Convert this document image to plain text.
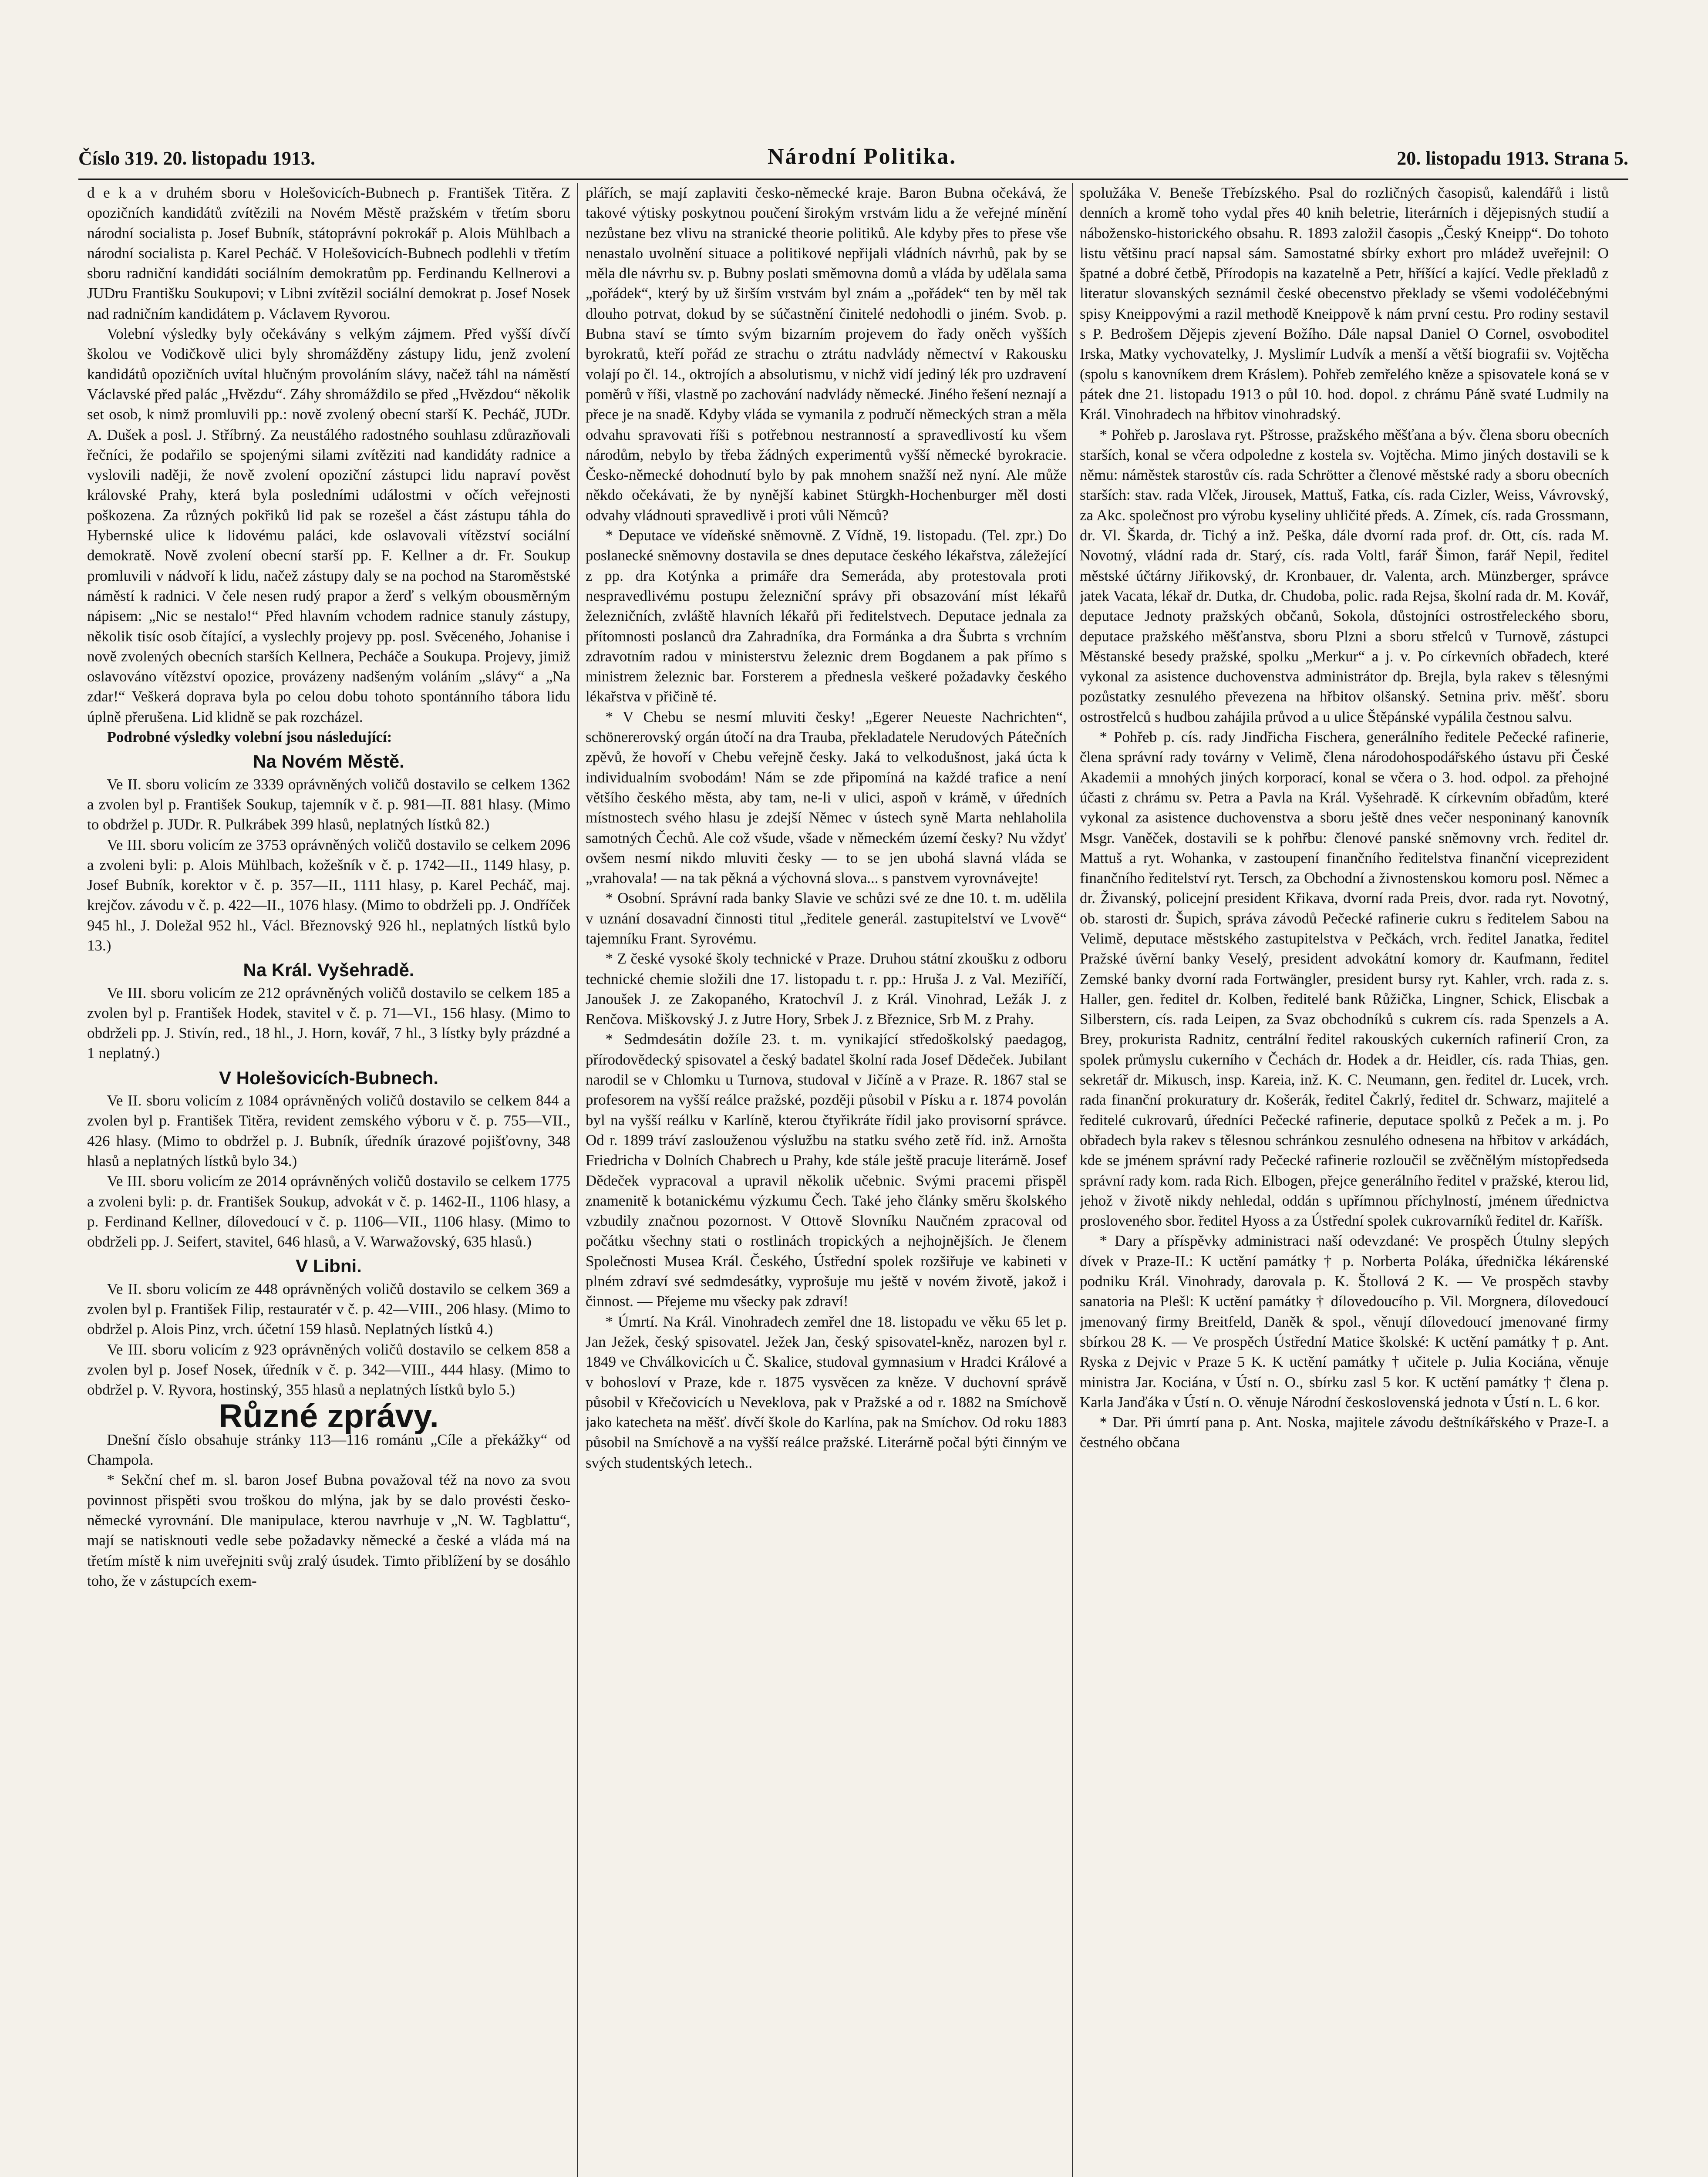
Číslo 319. 20. listopadu 1913.	Národní Politika.	20. listopadu 1913. Strana 5.

d e k a v druhém sboru v Holešovicích-Bubnech p. František Titěra. Z opozičních kandidátů zvítězili na Novém Městě pražském v třetím sboru národní socialista p. Josef Bubník, státoprávní pokrokář p. Alois Mühlbach a národní socialista p. Karel Pecháč. V Holešovicích-Bubnech podlehli v třetím sboru radniční kandidáti sociálním demokratům pp. Ferdinandu Kellnerovi a JUDru Františku Soukupovi; v Libni zvítězil sociální demokrat p. Josef Nosek nad radničním kandidátem p. Václavem Ryvorou.

Volební výsledky byly očekávány s velkým zájmem. Před vyšší dívčí školou ve Vodičkově ulici byly shromážděny zástupy lidu, jenž zvolení kandidátů opozičních uvítal hlučným provoláním slávy, načež táhl na náměstí Václavské před palác „Hvězdu“. Záhy shromáždilo se před „Hvězdou“ několik set osob, k nimž promluvili pp.: nově zvolený obecní starší K. Pecháč, JUDr. A. Dušek a posl. J. Stříbrný. Za neustálého radostného souhlasu zdůrazňovali řečníci, že podařilo se spojenými silami zvítěziti nad kandidáty radnice a vyslovili naději, že nově zvolení opoziční zástupci lidu napraví pověst královské Prahy, která byla posledními událostmi v očích veřejnosti poškozena. Za různých pokřiků lid pak se rozešel a část zástupu táhla do Hybernské ulice k lidovému paláci, kde oslavovali vítězství sociální demokratě. Nově zvolení obecní starší pp. F. Kellner a dr. Fr. Soukup promluvili v nádvoří k lidu, načež zástupy daly se na pochod na Staroměstské náměstí k radnici. V čele nesen rudý prapor a žerď s velkým obousměrným nápisem: „Nic se nestalo!“ Před hlavním vchodem radnice stanuly zástupy, několik tisíc osob čítající, a vyslechly projevy pp. posl. Svěceného, Johanise i nově zvolených obecních starších Kellnera, Pecháče a Soukupa. Projevy, jimiž oslavováno vítězství opozice, provázeny nadšeným voláním „slávy“ a „Na zdar!“ Veškerá doprava byla po celou dobu tohoto spontánního tábora lidu úplně přerušena. Lid klidně se pak rozcházel.

Podrobné výsledky volební jsou následující:

Na Novém Městě.

Ve II. sboru volicím ze 3339 oprávněných voličů dostavilo se celkem 1362 a zvolen byl p. František Soukup, tajemník v č. p. 981—II. 881 hlasy. (Mimo to obdržel p. JUDr. R. Pulkrábek 399 hlasů, neplatných lístků 82.)

Ve III. sboru volicím ze 3753 oprávněných voličů dostavilo se celkem 2096 a zvoleni byli: p. Alois Mühlbach, kožešník v č. p. 1742—II., 1149 hlasy, p. Josef Bubník, korektor v č. p. 357—II., 1111 hlasy, p. Karel Pecháč, maj. krejčov. závodu v č. p. 422—II., 1076 hlasy. (Mimo to obdrželi pp. J. Ondříček 945 hl., J. Doležal 952 hl., Václ. Březnovský 926 hl., neplatných lístků bylo 13.)

Na Král. Vyšehradě.

Ve III. sboru volicím ze 212 oprávněných voličů dostavilo se celkem 185 a zvolen byl p. František Hodek, stavitel v č. p. 71—VI., 156 hlasy. (Mimo to obdrželi pp. J. Stivín, red., 18 hl., J. Horn, kovář, 7 hl., 3 lístky byly prázdné a 1 neplatný.)

V Holešovicích-Bubnech.

Ve II. sboru volicím z 1084 oprávněných voličů dostavilo se celkem 844 a zvolen byl p. František Titěra, revident zemského výboru v č. p. 755—VII., 426 hlasy. (Mimo to obdržel p. J. Bubník, úředník úrazové pojišťovny, 348 hlasů a neplatných lístků bylo 34.)

Ve III. sboru volicím ze 2014 oprávněných voličů dostavilo se celkem 1775 a zvoleni byli: p. dr. František Soukup, advokát v č. p. 1462-II., 1106 hlasy, a p. Ferdinand Kellner, dílovedoucí v č. p. 1106—VII., 1106 hlasy. (Mimo to obdrželi pp. J. Seifert, stavitel, 646 hlasů, a V. Warwažovský, 635 hlasů.)

V Libni.

Ve II. sboru volicím ze 448 oprávněných voličů dostavilo se celkem 369 a zvolen byl p. František Filip, restauratér v č. p. 42—VIII., 206 hlasy. (Mimo to obdržel p. Alois Pinz, vrch. účetní 159 hlasů. Neplatných lístků 4.)

Ve III. sboru volicím z 923 oprávněných voličů dostavilo se celkem 858 a zvolen byl p. Josef Nosek, úředník v č. p. 342—VIII., 444 hlasy. (Mimo to obdržel p. V. Ryvora, hostinský, 355 hlasů a neplatných lístků bylo 5.)

Různé zprávy.

Dnešní číslo obsahuje stránky 113—116 románu „Cíle a překážky“ od Champola.

* Sekční chef m. sl. baron Josef Bubna považoval též na novo za svou povinnost přispěti svou troškou do mlýna, jak by se dalo provésti česko-německé vyrovnání. Dle manipulace, kterou navrhuje v „N. W. Tagblattu“, mají se natisknouti vedle sebe požadavky německé a české a vláda má na třetím místě k nim uveřejniti svůj zralý úsudek. Timto přiblížení by se dosáhlo toho, že v zástupcích exem-

plářích, se mají zaplaviti česko-německé kraje. Baron Bubna očekává, že takové výtisky poskytnou poučení širokým vrstvám lidu a že veřejné mínění nezůstane bez vlivu na stranické theorie politiků. Ale kdyby přes to přese vše nenastalo uvolnění situace a politikové nepřijali vládních návrhů, pak by se měla dle návrhu sv. p. Bubny poslati směmovna domů a vláda by udělala sama „pořádek“, který by už širším vrstvám byl znám a „pořádek“ ten by měl tak dlouho potrvat, dokud by se súčastnění činitelé nedohodli o jiném. Svob. p. Bubna staví se tímto svým bizarním projevem do řady oněch vyšších byrokratů, kteří pořád ze strachu o ztrátu nadvlády němectví v Rakousku volají po čl. 14., oktrojích a absolutismu, v nichž vidí jediný lék pro uzdravení poměrů v říši, vlastně po zachování nadvlády německé. Jiného řešení neznají a přece je na snadě. Kdyby vláda se vymanila z područí německých stran a měla odvahu spravovati říši s potřebnou nestranností a spravedlivostí ku všem národům, nebylo by třeba žádných experimentů vyšší německé byrokracie. Česko-německé dohodnutí bylo by pak mnohem snažší než nyní. Ale může někdo očekávati, že by nynější kabinet Stürgkh-Hochenburger měl dosti odvahy vládnouti spravedlivě i proti vůli Němců?

* Deputace ve vídeňské sněmovně. Z Vídně, 19. listopadu. (Tel. zpr.) Do poslanecké sněmovny dostavila se dnes deputace českého lékařstva, záležející z pp. dra Kotýnka a primáře dra Semeráda, aby protestovala proti nespravedlivému postupu železniční správy při obsazování míst lékařů železničních, zvláště hlavních lékařů při ředitelstvech. Deputace jednala za přítomnosti poslanců dra Zahradníka, dra Formánka a dra Šubrta s vrchním zdravotním radou v ministerstvu železnic drem Bogdanem a pak přímo s ministrem železnic bar. Forsterem a přednesla veškeré požadavky českého lékařstva v přičině té.

* V Chebu se nesmí mluviti česky! „Egerer Neueste Nachrichten“, schönererovský orgán útočí na dra Trauba, překladatele Nerudových Pátečních zpěvů, že hovoří v Chebu veřejně česky. Jaká to velkodušnost, jaká úcta k individualním svobodám! Nám se zde připomíná na každé trafice a není většího českého města, aby tam, ne-li v ulici, aspoň v krámě, v úředních místnostech svého hlasu je zdejší Němec v ústech syně Marta nehlaholila samotných Čechů. Ale což všude, všade v německém území česky? Nu vždyť ovšem nesmí nikdo mluviti česky — to se jen ubohá slavná vláda se „vrahovala! — na tak pěkná a výchovná slova... s panstvem vyrovnávejte!

* Osobní. Správní rada banky Slavie ve schůzi své ze dne 10. t. m. udělila v uznání dosavadní činnosti titul „ředitele generál. zastupitelství ve Lvově“ tajemníku Frant. Syrovému.

* Z české vysoké školy technické v Praze. Druhou státní zkoušku z odboru technické chemie složili dne 17. listopadu t. r. pp.: Hruša J. z Val. Meziříčí, Janoušek J. ze Zakopaného, Kratochvíl J. z Král. Vinohrad, Ležák J. z Renčova. Miškovský J. z Jutre Hory, Srbek J. z Březnice, Srb M. z Prahy.

* Sedmdesátin dožíle 23. t. m. vynikající středoškolský paedagog, přírodovědecký spisovatel a český badatel školní rada Josef Dědeček. Jubilant narodil se v Chlomku u Turnova, studoval v Jičíně a v Praze. R. 1867 stal se profesorem na vyšší reálce pražské, později působil v Písku a r. 1874 povolán byl na vyšší reálku v Karlíně, kterou čtyřikráte řídil jako provisorní správce. Od r. 1899 tráví zaslouženou výslužbu na statku svého zetě říd. inž. Arnošta Friedricha v Dolních Chabrech u Prahy, kde stále ještě pracuje literárně. Josef Dědeček vypracoval a upravil několik učebnic. Svými pracemi přispěl znamenitě k botanickému výzkumu Čech. Také jeho články směru školského vzbudily značnou pozornost. V Ottově Slovníku Naučném zpracoval od počátku všechny stati o rostlinách tropických a nejhojnějších. Je členem Společnosti Musea Král. Českého, Ústřední spolek rozšiřuje ve kabineti v plném zdraví své sedmdesátky, vyprošuje mu ještě v novém životě, jakož i činnost. — Přejeme mu všecky pak zdraví!

* Úmrtí. Na Král. Vinohradech zemřel dne 18. listopadu ve věku 65 let p. Jan Ježek, český spisovatel. Ježek Jan, český spisovatel-kněz, narozen byl r. 1849 ve Chválkovicích u Č. Skalice, studoval gymnasium v Hradci Králové a v bohosloví v Praze, kde r. 1875 vysvěcen za kněze. V duchovní správě působil v Křečovicích u Neveklova, pak v Pražské a od r. 1882 na Smíchově jako katecheta na měšť. dívčí škole do Karlína, pak na Smíchov. Od roku 1883 působil na Smíchově a na vyšší reálce pražské. Literárně počal býti činným ve svých studentských letech..

spolužáka V. Beneše Třebízského. Psal do rozličných časopisů, kalendářů i listů denních a kromě toho vydal přes 40 knih beletrie, literárních i dějepisných studií a nábožensko-historického obsahu. R. 1893 založil časopis „Český Kneipp“. Do tohoto listu většinu prací napsal sám. Samostatné sbírky exhort pro mládež uveřejnil: O špatné a dobré četbě, Přírodopis na kazatelně a Petr, hříšící a kající. Vedle překladů z literatur slovanských seznámil české obecenstvo překlady se všemi vodoléčebnými spisy Kneippovými a razil methodě Kneippově k nám první cestu. Pro rodiny sestavil s P. Bedrošem Dějepis zjevení Božího. Dále napsal Daniel O Cornel, osvoboditel Irska, Matky vychovatelky, J. Myslimír Ludvík a menší a větší biografii sv. Vojtěcha (spolu s kanovníkem drem Kráslem). Pohřeb zemřelého kněze a spisovatele koná se v pátek dne 21. listopadu 1913 o půl 10. hod. dopol. z chrámu Páně svaté Ludmily na Král. Vinohradech na hřbitov vinohradský.

* Pohřeb p. Jaroslava ryt. Pštrosse, pražského měšťana a býv. člena sboru obecních starších, konal se včera odpoledne z kostela sv. Vojtěcha. Mimo jiných dostavili se k němu: náměstek starostův cís. rada Schrötter a členové městské rady a sboru obecních starších: stav. rada Vlček, Jirousek, Mattuš, Fatka, cís. rada Cizler, Weiss, Vávrovský, za Akc. společnost pro výrobu kyseliny uhličité předs. A. Zímek, cís. rada Grossmann, dr. Vl. Škarda, dr. Tichý a inž. Peška, dále dvorní rada prof. dr. Ott, cís. rada M. Novotný, vládní rada dr. Starý, cís. rada Voltl, farář Šimon, farář Nepil, ředitel městské účtárny Jiřikovský, dr. Kronbauer, dr. Valenta, arch. Münzberger, správce jatek Vacata, lékař dr. Dutka, dr. Chudoba, polic. rada Rejsa, školní rada dr. M. Kovář, deputace Jednoty pražských občanů, Sokola, důstojníci ostrostřeleckého sboru, deputace pražského měšťanstva, sboru Plzni a sboru střelců v Turnově, zástupci Městanské besedy pražské, spolku „Merkur“ a j. v. Po církevních obřadech, které vykonal za asistence duchovenstva administrátor dp. Brejla, byla rakev s tělesnými pozůstatky zesnulého převezena na hřbitov olšanský. Setnina priv. měšť. sboru ostrostřelců s hudbou zahájila průvod a u ulice Štěpánské vypálila čestnou salvu.

* Pohřeb p. cís. rady Jindřicha Fischera, generálního ředitele Pečecké rafinerie, člena správní rady továrny v Velimě, člena národohospodářského ústavu při České Akademii a mnohých jiných korporací, konal se včera o 3. hod. odpol. za přehojné účasti z chrámu sv. Petra a Pavla na Král. Vyšehradě. K církevním obřadům, které vykonal za asistence duchovenstva a sboru ještě dnes večer nesponinaný kanovník Msgr. Vaněček, dostavili se k pohřbu: členové panské sněmovny vrch. ředitel dr. Mattuš a ryt. Wohanka, v zastoupení finančního ředitelstva finanční viceprezident finančního ředitelství ryt. Tersch, za Obchodní a živnostenskou komoru posl. Němec a dr. Živanský, policejní president Křikava, dvorní rada Preis, dvor. rada ryt. Novotný, ob. starosti dr. Šupich, správa závodů Pečecké rafinerie cukru s ředitelem Sabou na Velimě, deputace městského zastupitelstva v Pečkách, vrch. ředitel Janatka, ředitel Pražské úvěrní banky Veselý, president advokátní komory dr. Kaufmann, ředitel Zemské banky dvorní rada Fortwängler, president bursy ryt. Kahler, vrch. rada z. s. Haller, gen. ředitel dr. Kolben, ředitelé bank Růžička, Lingner, Schick, Eliscbak a Silberstern, cís. rada Leipen, za Svaz obchodníků s cukrem cís. rada Spenzels a A. Brey, prokurista Radnitz, centrální ředitel rakouských cukerních rafinerií Cron, za spolek průmyslu cukerního v Čechách dr. Hodek a dr. Heidler, cís. rada Thias, gen. sekretář dr. Mikusch, insp. Kareia, inž. K. C. Neumann, gen. ředitel dr. Lucek, vrch. rada finanční prokuratury dr. Košerák, ředitel Čakrlý, ředitel dr. Schwarz, majitelé a ředitelé cukrovarů, úředníci Pečecké rafinerie, deputace spolků z Peček a m. j. Po obřadech byla rakev s tělesnou schránkou zesnulého odnesena na hřbitov v arkádách, kde se jménem správní rady Pečecké rafinerie rozloučil se zvěčnělým místopředseda správní rady kom. rada Rich. Elbogen, přejce generálního ředitel v pražské, kterou lid, jehož v životě nikdy nehledal, oddán s upřímnou příchylností, jménem úřednictva prosloveného sbor. ředitel Hyoss a za Ústřední spolek cukrovarníků ředitel dr. Kaříšk.

* Dary a příspěvky administraci naší odevzdané: Ve prospěch Útulny slepých dívek v Praze-II.: K uctění památky † p. Norberta Poláka, úřednička lékárenské podniku Král. Vinohrady, darovala p. K. Štollová 2 K. — Ve prospěch stavby sanatoria na Plešl: K uctění památky † dílovedoucího p. Vil. Morgnera, dílovedoucí jmenovaný firmy Breitfeld, Daněk & spol., věnují dílovedoucí jmenované firmy sbírkou 28 K. — Ve prospěch Ústřední Matice školské: K uctění památky † p. Ant. Ryska z Dejvic v Praze 5 K. K uctění památky † učitele p. Julia Kociána, věnuje ministra Jar. Kociána, v Ústí n. O., sbírku zasl 5 kor. K uctění památky † člena p. Karla Janďáka v Ústí n. O. věnuje Národní československá jednota v Ústí n. L. 6 kor.

* Dar. Při úmrtí pana p. Ant. Noska, majitele závodu deštníkářského v Praze-I. a čestného občana
